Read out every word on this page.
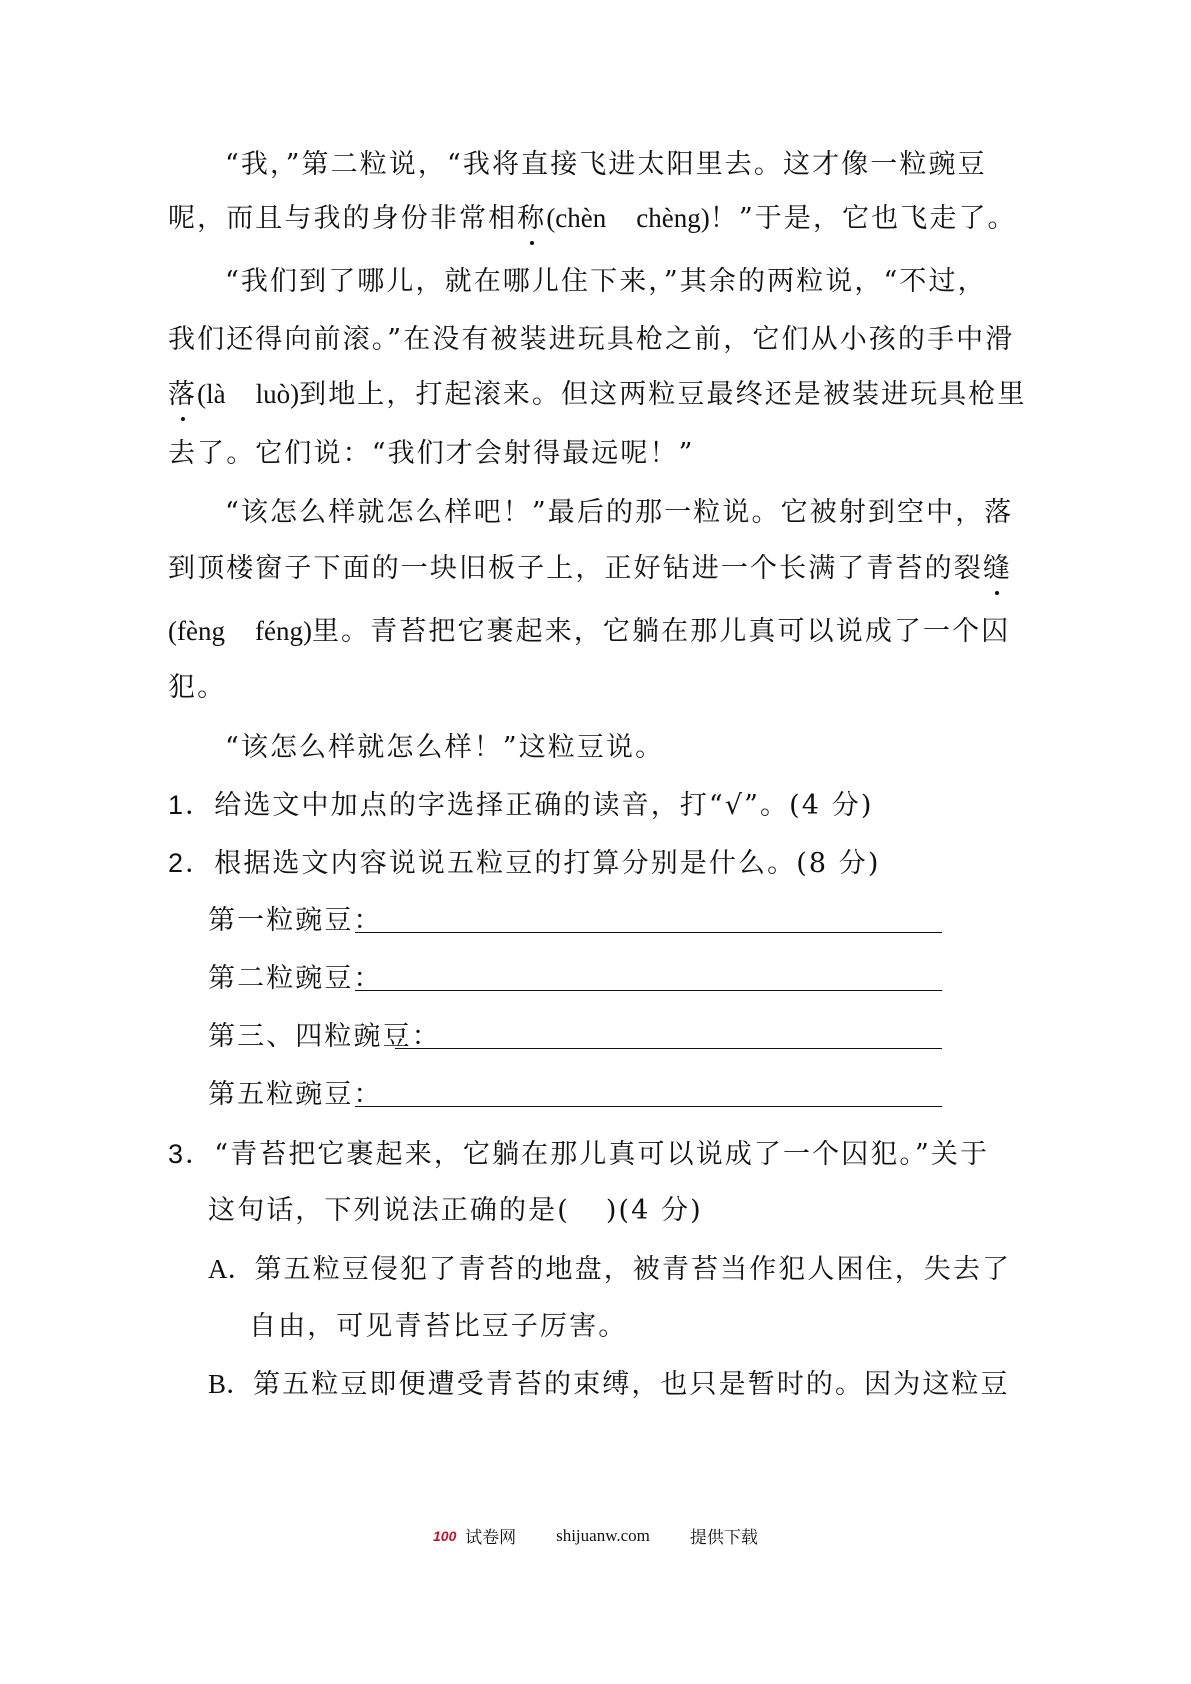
“我，”第二粒说，“我将直接飞进太阳里去。这才像一粒豌豆
呢，而且与我的身份非常相称(chèn chèng)！”于是，它也飞走了。
“我们到了哪儿，就在哪儿住下来，”其余的两粒说，“不过，
我们还得向前滚。”在没有被装进玩具枪之前，它们从小孩的手中滑
落(là luò)到地上，打起滚来。但这两粒豆最终还是被装进玩具枪里
去了。它们说：“我们才会射得最远呢！”
“该怎么样就怎么样吧！”最后的那一粒说。它被射到空中，落
到顶楼窗子下面的一块旧板子上，正好钻进一个长满了青苔的裂缝
(fèng féng)里。青苔把它裹起来，它躺在那儿真可以说成了一个囚
犯。
“该怎么样就怎么样！”这粒豆说。
1．给选文中加点的字选择正确的读音，打“√”。(4 分)
2．根据选文内容说说五粒豆的打算分别是什么。(8 分)
第一粒豌豆：
第二粒豌豆：
第三、四粒豌豆：
第五粒豌豆：
3．“青苔把它裹起来，它躺在那儿真可以说成了一个囚犯。”关于
这句话，下列说法正确的是( )(4 分)
A．第五粒豆侵犯了青苔的地盘，被青苔当作犯人困住，失去了
自由，可见青苔比豆子厉害。
B．第五粒豆即便遭受青苔的束缚，也只是暂时的。因为这粒豆
100 试卷网 shijuanw.com 提供下载
